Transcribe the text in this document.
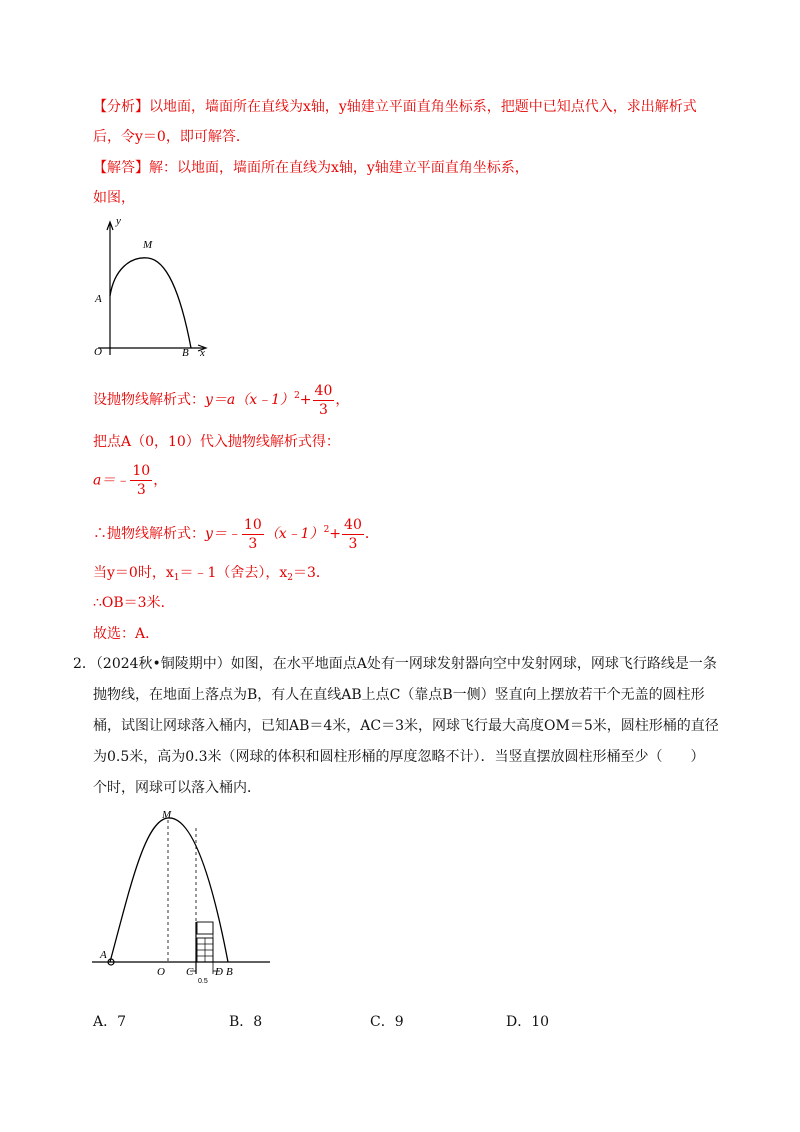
【分析】以地面，墙面所在直线为x轴，y轴建立平面直角坐标系，把题中已知点代入，求出解析式
后，令y＝0，即可解答．
【解答】解：以地面，墙面所在直线为x轴，y轴建立平面直角坐标系，
如图，
y
M
A
O	B x
设抛物线解析式：y＝a（x﹣1）$^2$+ $\frac{40}{3}$ ，
把点A（0，10）代入抛物线解析式得：
a＝﹣ $\frac{10}{3}$ ，
∴抛物线解析式：y＝﹣ $\frac{10}{3}$ （x﹣1）$^2$+ $\frac{40}{3}$ ．
当y＝0时，$x_1=﹣1$（舍去），$x_2=3$．
∴OB＝3米．
故选：A．
2．（2024秋•铜陵期中）如图，在水平地面点A处有一网球发射器向空中发射网球，网球飞行路线是一条
抛物线，在地面上落点为B，有人在直线AB上点C（靠点B一侧）竖直向上摆放若干个无盖的圆柱形
桶，试图让网球落入桶内，已知AB＝4米，AC＝3米，网球飞行最大高度OM＝5米，圆柱形桶的直径
为0.5米，高为0.3米（网球的体积和圆柱形桶的厚度忽略不计）．当竖直摆放圆柱形桶至少（　　）
个时，网球可以落入桶内．
A
M
O C D B
0.5
A．7	B．8	C．9	D．10
